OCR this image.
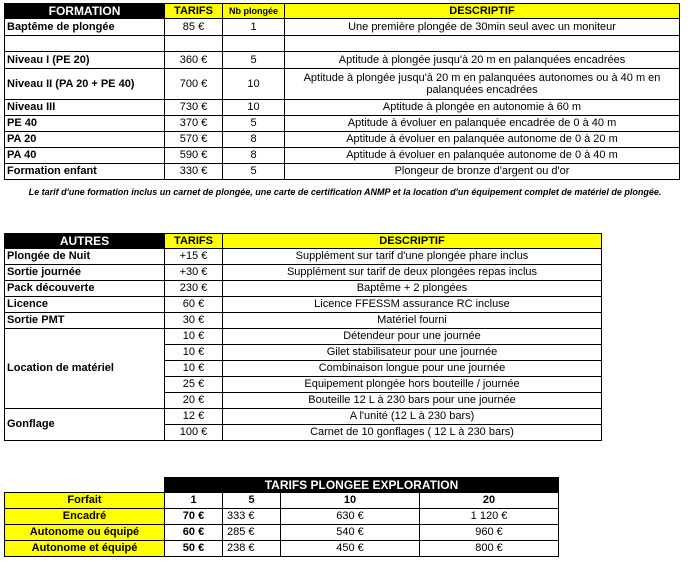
FORMATION	TARIFS	Nb plongée	DESCRIPTIF
Baptême de plongée	85 €	1	Une première plongée de 30min seul avec un moniteur

Niveau I (PE 20)	360 €	5	Aptitude à plongée jusqu'à 20 m en palanquées encadrées
Niveau II (PA 20 + PE 40)	700 €	10	Aptitude à plongée jusqu'à 20 m en palanquées autonomes ou à 40 m en palanquées encadrées
Niveau III	730 €	10	Aptitude à plongée en autonomie à 60 m
PE 40	370 €	5	Aptitude à évoluer en palanquée encadrée de 0 à 40 m
PA 20	570 €	8	Aptitude à évoluer en palanquée autonome de 0 à 20 m
PA 40	590 €	8	Aptitude à évoluer en palanquée autonome de 0 à 40 m
Formation enfant	330 €	5	Plongeur de bronze d'argent ou d'or
Le tarif d'une formation inclus un carnet de plongée, une carte de certification ANMP et la location d'un équipement complet de matériel de plongée.
AUTRES	TARIFS	DESCRIPTIF
Plongée de Nuit	+15 €	Supplément sur tarif d'une plongée phare inclus
Sortie journée	+30 €	Supplément sur tarif de deux plongées repas inclus
Pack découverte	230 €	Baptême + 2 plongées
Licence	60 €	Licence FFESSM assurance RC incluse
Sortie PMT	30 €	Matériel fourni
Location de matériel	10 €	Détendeur pour une journée
	10 €	Gilet stabilisateur pour une journée
	10 €	Combinaison longue pour une journée
	25 €	Equipement plongée hors bouteille / journée
	20 €	Bouteille 12 L à 230 bars pour une journée
Gonflage	12 €	A l'unité (12 L à 230 bars)
	100 €	Carnet de 10 gonflages ( 12 L à 230 bars)
	TARIFS PLONGEE EXPLORATION			
Forfait	1	5	10	20
Encadré	70 €	333 €	630 €	1 120 €
Autonome ou équipé	60 €	285 €	540 €	960 €
Autonome et équipé	50 €	238 €	450 €	800 €
